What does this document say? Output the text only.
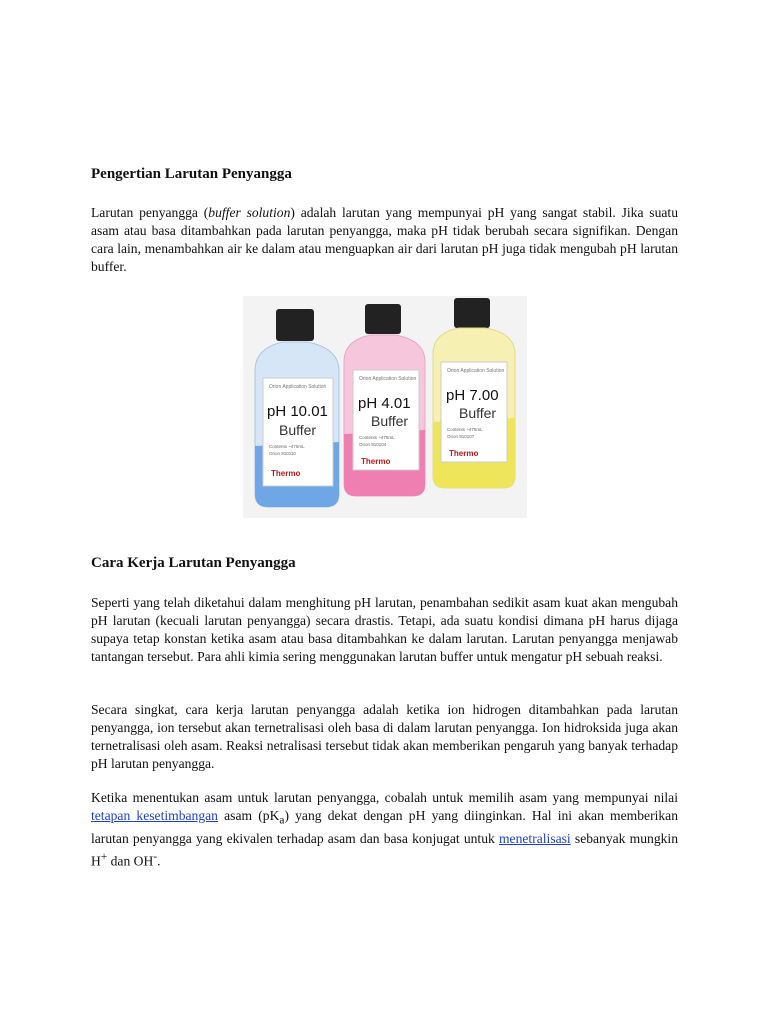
Pengertian Larutan Penyangga

Larutan penyangga (buffer solution) adalah larutan yang mempunyai pH yang sangat stabil. Jika suatu asam atau basa ditambahkan pada larutan penyangga, maka pH tidak berubah secara signifikan. Dengan cara lain, menambahkan air ke dalam atau menguapkan air dari larutan pH juga tidak mengubah pH larutan buffer.

Cara Kerja Larutan Penyangga

Seperti yang telah diketahui dalam menghitung pH larutan, penambahan sedikit asam kuat akan mengubah pH larutan (kecuali larutan penyangga) secara drastis. Tetapi, ada suatu kondisi dimana pH harus dijaga supaya tetap konstan ketika asam atau basa ditambahkan ke dalam larutan. Larutan penyangga menjawab tantangan tersebut. Para ahli kimia sering menggunakan larutan buffer untuk mengatur pH sebuah reaksi.

Secara singkat, cara kerja larutan penyangga adalah ketika ion hidrogen ditambahkan pada larutan penyangga, ion tersebut akan ternetralisasi oleh basa di dalam larutan penyangga. Ion hidroksida juga akan ternetralisasi oleh asam. Reaksi netralisasi tersebut tidak akan memberikan pengaruh yang banyak terhadap pH larutan penyangga.

Ketika menentukan asam untuk larutan penyangga, cobalah untuk memilih asam yang mempunyai nilai tetapan kesetimbangan asam $(pK_a)$ yang dekat dengan pH yang diinginkan. Hal ini akan memberikan larutan penyangga yang ekivalen terhadap asam dan basa konjugat untuk menetralisasi sebanyak mungkin H+ dan OH-.

Orion Application Solution
pH 10.01
Buffer
Contents ~475mL
Orion 910110
Thermo
Orion Application Solution
pH 4.01
Buffer
Contents ~475mL
Orion 910104
Thermo
Orion Application Solution
pH 7.00
Buffer
Contents ~475mL
Orion 910107
Thermo
